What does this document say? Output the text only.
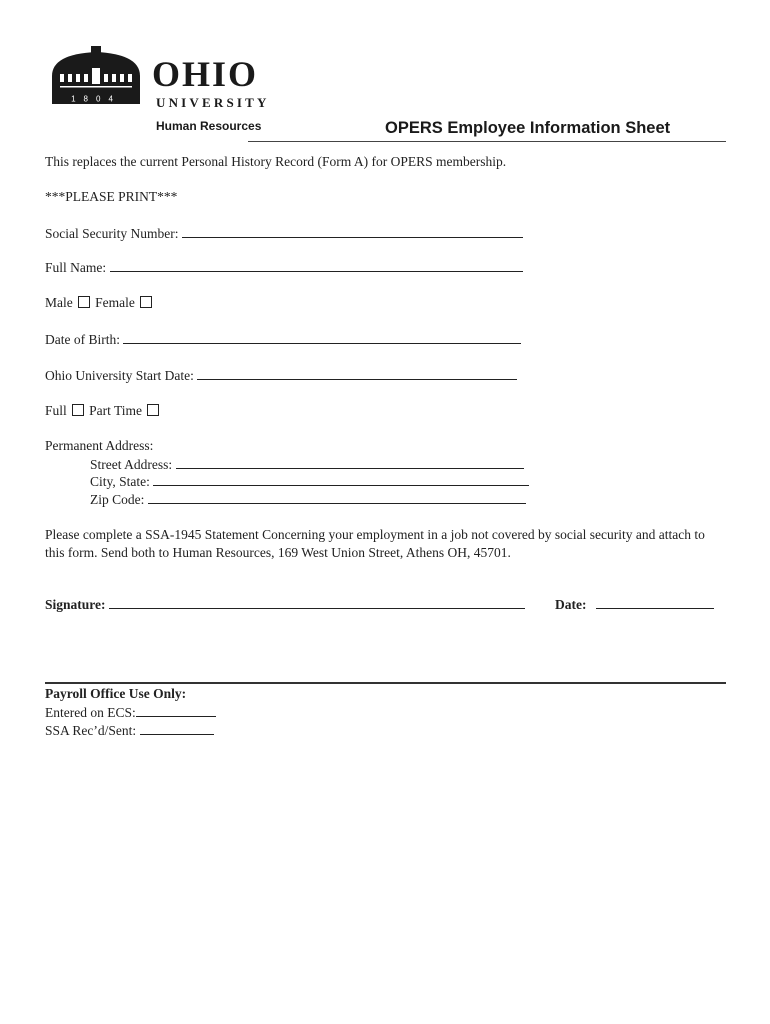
1804
OHIO
UNIVERSITY
Human Resources	OPERS Employee Information Sheet
This replaces the current Personal History Record (Form A) for OPERS membership.
***PLEASE PRINT***
Social Security Number:
Full Name:
Male Female
Date of Birth:
Ohio University Start Date:
Full Part Time
Permanent Address:
Street Address:
City, State:
Zip Code:
Please complete a SSA-1945 Statement Concerning your employment in a job not covered by social security and attach to this form. Send both to Human Resources, 169 West Union Street, Athens OH, 45701.
Signature:	Date:
Payroll Office Use Only:
Entered on ECS:
SSA Rec’d/Sent:
